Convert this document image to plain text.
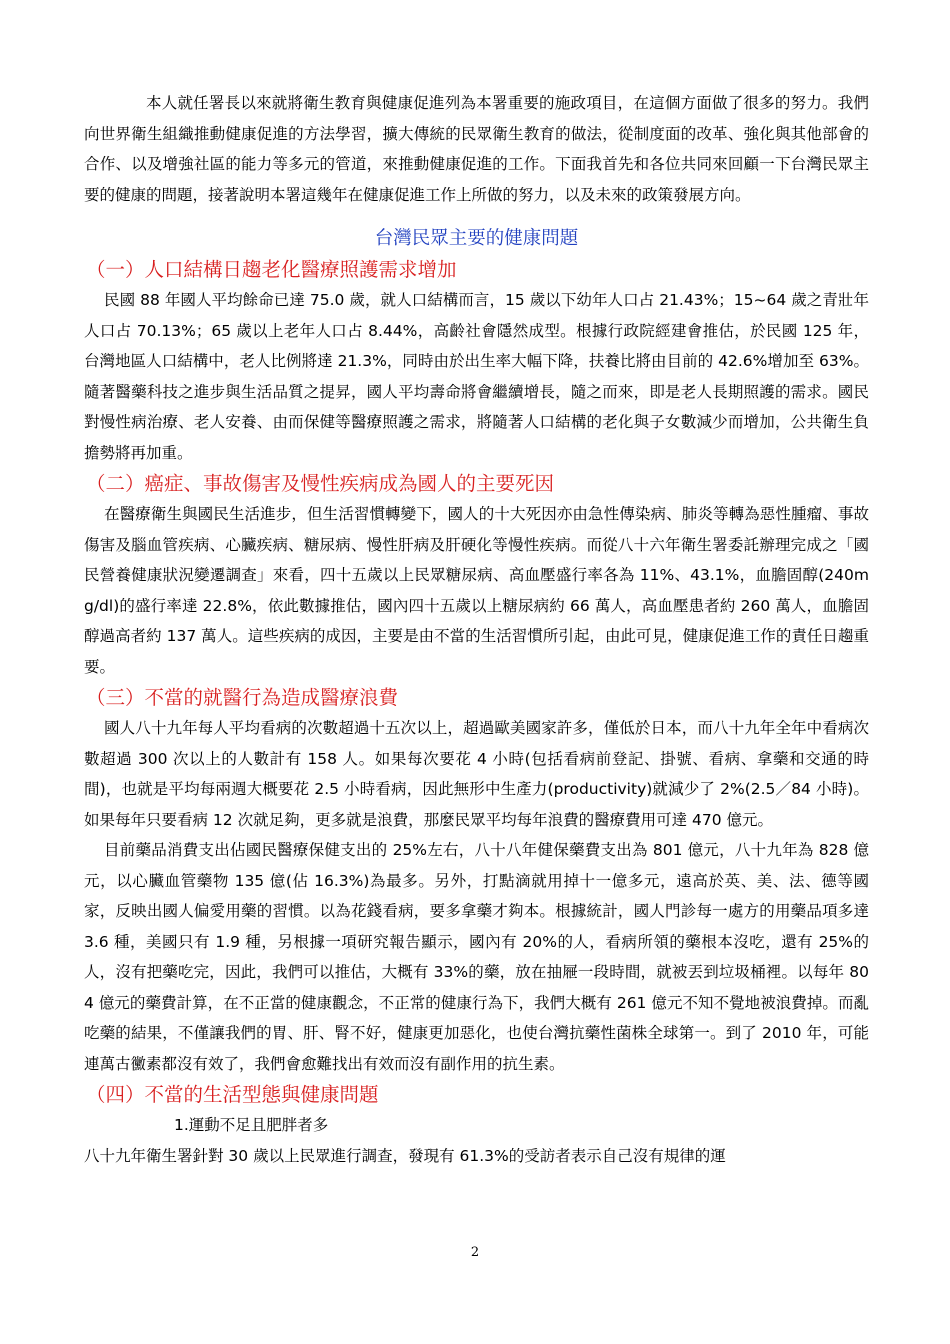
本人就任署長以來就將衛生教育與健康促進列為本署重要的施政項目，在這個方面做了很多的努力。我們向世界衛生組織推動健康促進的方法學習，擴大傳統的民眾衛生教育的做法，從制度面的改革、強化與其他部會的合作、以及增強社區的能力等多元的管道，來推動健康促進的工作。下面我首先和各位共同來回顧一下台灣民眾主要的健康的問題，接著說明本署這幾年在健康促進工作上所做的努力，以及未來的政策發展方向。

台灣民眾主要的健康問題

（一）人口結構日趨老化醫療照護需求增加

民國 88 年國人平均餘命已達 75.0 歲，就人口結構而言，15 歲以下幼年人口占 21.43%；15~64 歲之青壯年人口占 70.13%；65 歲以上老年人口占 8.44%，高齡社會隱然成型。根據行政院經建會推估，於民國 125 年，台灣地區人口結構中，老人比例將達 21.3%，同時由於出生率大幅下降，扶養比將由目前的 42.6%增加至 63%。隨著醫藥科技之進步與生活品質之提昇，國人平均壽命將會繼續增長，隨之而來，即是老人長期照護的需求。國民對慢性病治療、老人安養、由而保健等醫療照護之需求，將隨著人口結構的老化與子女數減少而增加，公共衛生負擔勢將再加重。

（二）癌症、事故傷害及慢性疾病成為國人的主要死因

在醫療衛生與國民生活進步，但生活習慣轉變下，國人的十大死因亦由急性傳染病、肺炎等轉為惡性腫瘤、事故傷害及腦血管疾病、心臟疾病、糖尿病、慢性肝病及肝硬化等慢性疾病。而從八十六年衛生署委託辦理完成之「國民營養健康狀況變遷調查」來看，四十五歲以上民眾糖尿病、高血壓盛行率各為 11%、43.1%，血膽固醇(240mg/dl)的盛行率達 22.8%，依此數據推估，國內四十五歲以上糖尿病約 66 萬人，高血壓患者約 260 萬人，血膽固醇過高者約 137 萬人。這些疾病的成因，主要是由不當的生活習慣所引起，由此可見，健康促進工作的責任日趨重要。

（三）不當的就醫行為造成醫療浪費

國人八十九年每人平均看病的次數超過十五次以上，超過歐美國家許多，僅低於日本，而八十九年全年中看病次數超過 300 次以上的人數計有 158 人。如果每次要花 4 小時(包括看病前登記、掛號、看病、拿藥和交通的時間)，也就是平均每兩週大概要花 2.5 小時看病，因此無形中生產力(productivity)就減少了 2%(2.5／84 小時)。如果每年只要看病 12 次就足夠，更多就是浪費，那麼民眾平均每年浪費的醫療費用可達 470 億元。

目前藥品消費支出佔國民醫療保健支出的 25%左右，八十八年健保藥費支出為 801 億元，八十九年為 828 億元，以心臟血管藥物 135 億(佔 16.3%)為最多。另外，打點滴就用掉十一億多元，遠高於英、美、法、德等國家，反映出國人偏愛用藥的習慣。以為花錢看病，要多拿藥才夠本。根據統計，國人門診每一處方的用藥品項多達 3.6 種，美國只有 1.9 種，另根據一項研究報告顯示，國內有 20%的人，看病所領的藥根本沒吃，還有 25%的人，沒有把藥吃完，因此，我們可以推估，大概有 33%的藥，放在抽屜一段時間，就被丟到垃圾桶裡。以每年 804 億元的藥費計算，在不正當的健康觀念，不正常的健康行為下，我們大概有 261 億元不知不覺地被浪費掉。而亂吃藥的結果，不僅讓我們的胃、肝、腎不好，健康更加惡化，也使台灣抗藥性菌株全球第一。到了 2010 年，可能連萬古黴素都沒有效了，我們會愈難找出有效而沒有副作用的抗生素。

（四）不當的生活型態與健康問題

1.運動不足且肥胖者多

八十九年衛生署針對 30 歲以上民眾進行調查，發現有 61.3%的受訪者表示自己沒有規律的運

2
